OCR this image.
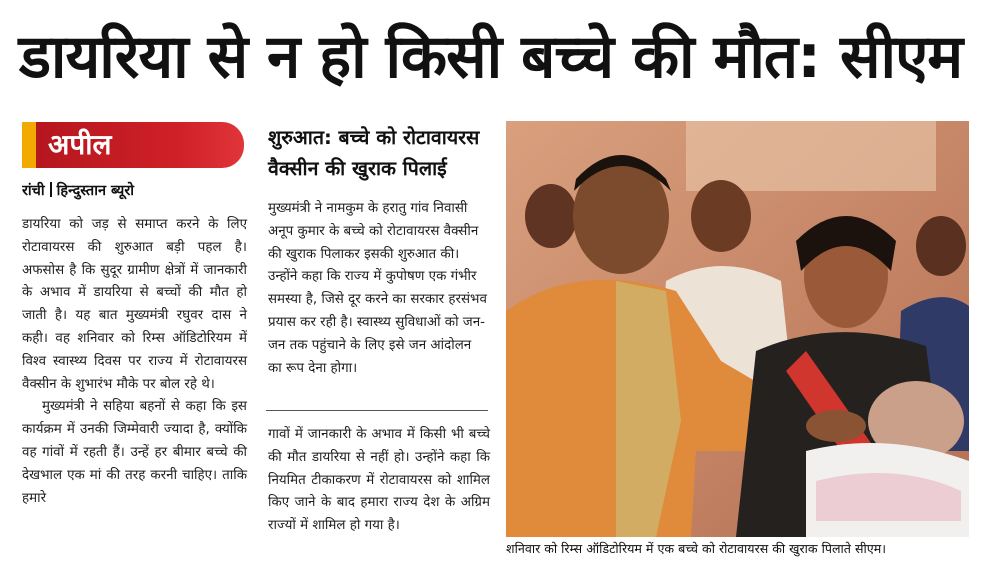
डायरिया से न हो किसी बच्चे की मौत: सीएम
अपील
रांची हिन्दुस्तान ब्यूरो

डायरिया को जड़ से समाप्त करने के लिए रोटावायरस की शुरुआत बड़ी पहल है। अफसोस है कि सुदूर ग्रामीण क्षेत्रों में जानकारी के अभाव में डायरिया से बच्चों की मौत हो जाती है। यह बात मुख्यमंत्री रघुवर दास ने कही। वह शनिवार को रिम्स ऑडिटोरियम में विश्व स्वास्थ्य दिवस पर राज्य में रोटावायरस वैक्सीन के शुभारंभ मौके पर बोल रहे थे।

मुख्यमंत्री ने सहिया बहनों से कहा कि इस कार्यक्रम में उनकी जिम्मेवारी ज्यादा है, क्योंकि वह गांवों में रहती हैं। उन्हें हर बीमार बच्चे की देखभाल एक मां की तरह करनी चाहिए। ताकि हमारे

शुरुआत: बच्चे को रोटावायरस वैक्सीन की खुराक पिलाई

मुख्यमंत्री ने नामकुम के हरातु गांव निवासी अनूप कुमार के बच्चे को रोटावायरस वैक्सीन की खुराक पिलाकर इसकी शुरुआत की। उन्होंने कहा कि राज्य में कुपोषण एक गंभीर समस्या है, जिसे दूर करने का सरकार हरसंभव प्रयास कर रही है। स्वास्थ्य सुविधाओं को जन-जन तक पहुंचाने के लिए इसे जन आंदोलन का रूप देना होगा।

गावों में जानकारी के अभाव में किसी भी बच्चे की मौत डायरिया से नहीं हो। उन्होंने कहा कि नियमित टीकाकरण में रोटावायरस को शामिल किए जाने के बाद हमारा राज्य देश के अग्रिम राज्यों में शामिल हो गया है।

शनिवार को रिम्स ऑडिटोरियम में एक बच्चे को रोटावायरस की खुराक पिलाते सीएम।
